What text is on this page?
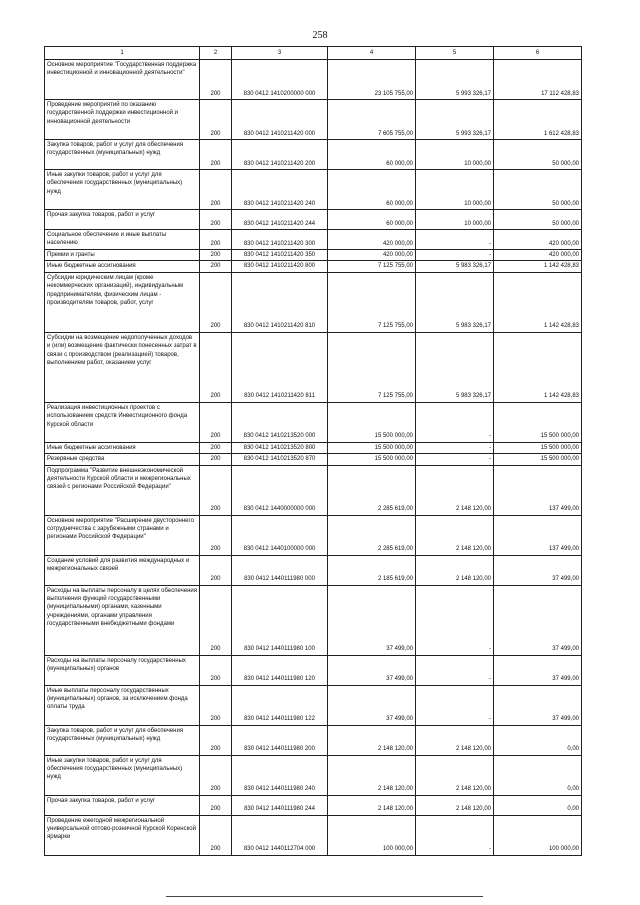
258
1	2	3	4	5	6
Основное мероприятие "Государственная поддержка инвестиционной и инновационной деятельности"	200	830 0412 1410200000 000	23 105 755,00	5 993 326,17	17 112 428,83
Проведение мероприятий по оказанию государственной поддержки инвестиционной и инновационной деятельности	200	830 0412 1410211420 000	7 605 755,00	5 993 326,17	1 612 428,83
Закупка товаров, работ и услуг для обеспечения государственных (муниципальных) нужд	200	830 0412 1410211420 200	60 000,00	10 000,00	50 000,00
Иные закупки товаров, работ и услуг для обеспечения государственных (муниципальных) нужд	200	830 0412 1410211420 240	60 000,00	10 000,00	50 000,00
Прочая закупка товаров, работ и услуг	200	830 0412 1410211420 244	60 000,00	10 000,00	50 000,00
Социальное обеспечение и иные выплаты населению	200	830 0412 1410211420 300	420 000,00	-	420 000,00
Премии и гранты	200	830 0412 1410211420 350	420 000,00	-	420 000,00
Иные бюджетные ассигнования	200	830 0412 1410211420 800	7 125 755,00	5 983 326,17	1 142 428,83
Субсидии юридическим лицам (кроме некоммерческих организаций), индивидуальным предпринимателям, физическим лицам - производителям товаров, работ, услуг	200	830 0412 1410211420 810	7 125 755,00	5 983 326,17	1 142 428,83
Субсидии на возмещение недополученных доходов и (или) возмещение фактически понесенных затрат в связи с производством (реализацией) товаров, выполнением работ, оказанием услуг	200	830 0412 1410211420 811	7 125 755,00	5 983 326,17	1 142 428,83
Реализация инвестиционных проектов с использованием средств Инвестиционного фонда Курской области	200	830 0412 1410213520 000	15 500 000,00	-	15 500 000,00
Иные бюджетные ассигнования	200	830 0412 1410213520 800	15 500 000,00	-	15 500 000,00
Резервные средства	200	830 0412 1410213520 870	15 500 000,00	-	15 500 000,00
Подпрограмма "Развитие внешнеэкономической деятельности Курской области и межрегиональных связей с регионами Российской Федерации"	200	830 0412 1440000000 000	2 285 619,00	2 148 120,00	137 499,00
Основное мероприятие "Расширение двустороннего сотрудничества с зарубежными странами и регионами Российской Федерации"	200	830 0412 1440100000 000	2 285 619,00	2 148 120,00	137 499,00
Создание условий для развития международных и межрегиональных связей	200	830 0412 1440111980 000	2 185 619,00	2 148 120,00	37 499,00
Расходы на выплаты персоналу в целях обеспечения выполнения функций государственными (муниципальными) органами, казенными учреждениями, органами управления государственными внебюджетными фондами	200	830 0412 1440111980 100	37 499,00	-	37 499,00
Расходы на выплаты персоналу государственных (муниципальных) органов	200	830 0412 1440111980 120	37 499,00	-	37 499,00
Иные выплаты персоналу государственных (муниципальных) органов, за исключением фонда оплаты труда	200	830 0412 1440111980 122	37 499,00	-	37 499,00
Закупка товаров, работ и услуг для обеспечения государственных (муниципальных) нужд	200	830 0412 1440111980 200	2 148 120,00	2 148 120,00	0,00
Иные закупки товаров, работ и услуг для обеспечения государственных (муниципальных) нужд	200	830 0412 1440111980 240	2 148 120,00	2 148 120,00	0,00
Прочая закупка товаров, работ и услуг	200	830 0412 1440111980 244	2 148 120,00	2 148 120,00	0,00
Проведение ежегодной межрегиональной универсальной оптово-розничной Курской Коренской ярмарки	200	830 0412 1440112704 000	100 000,00	-	100 000,00
